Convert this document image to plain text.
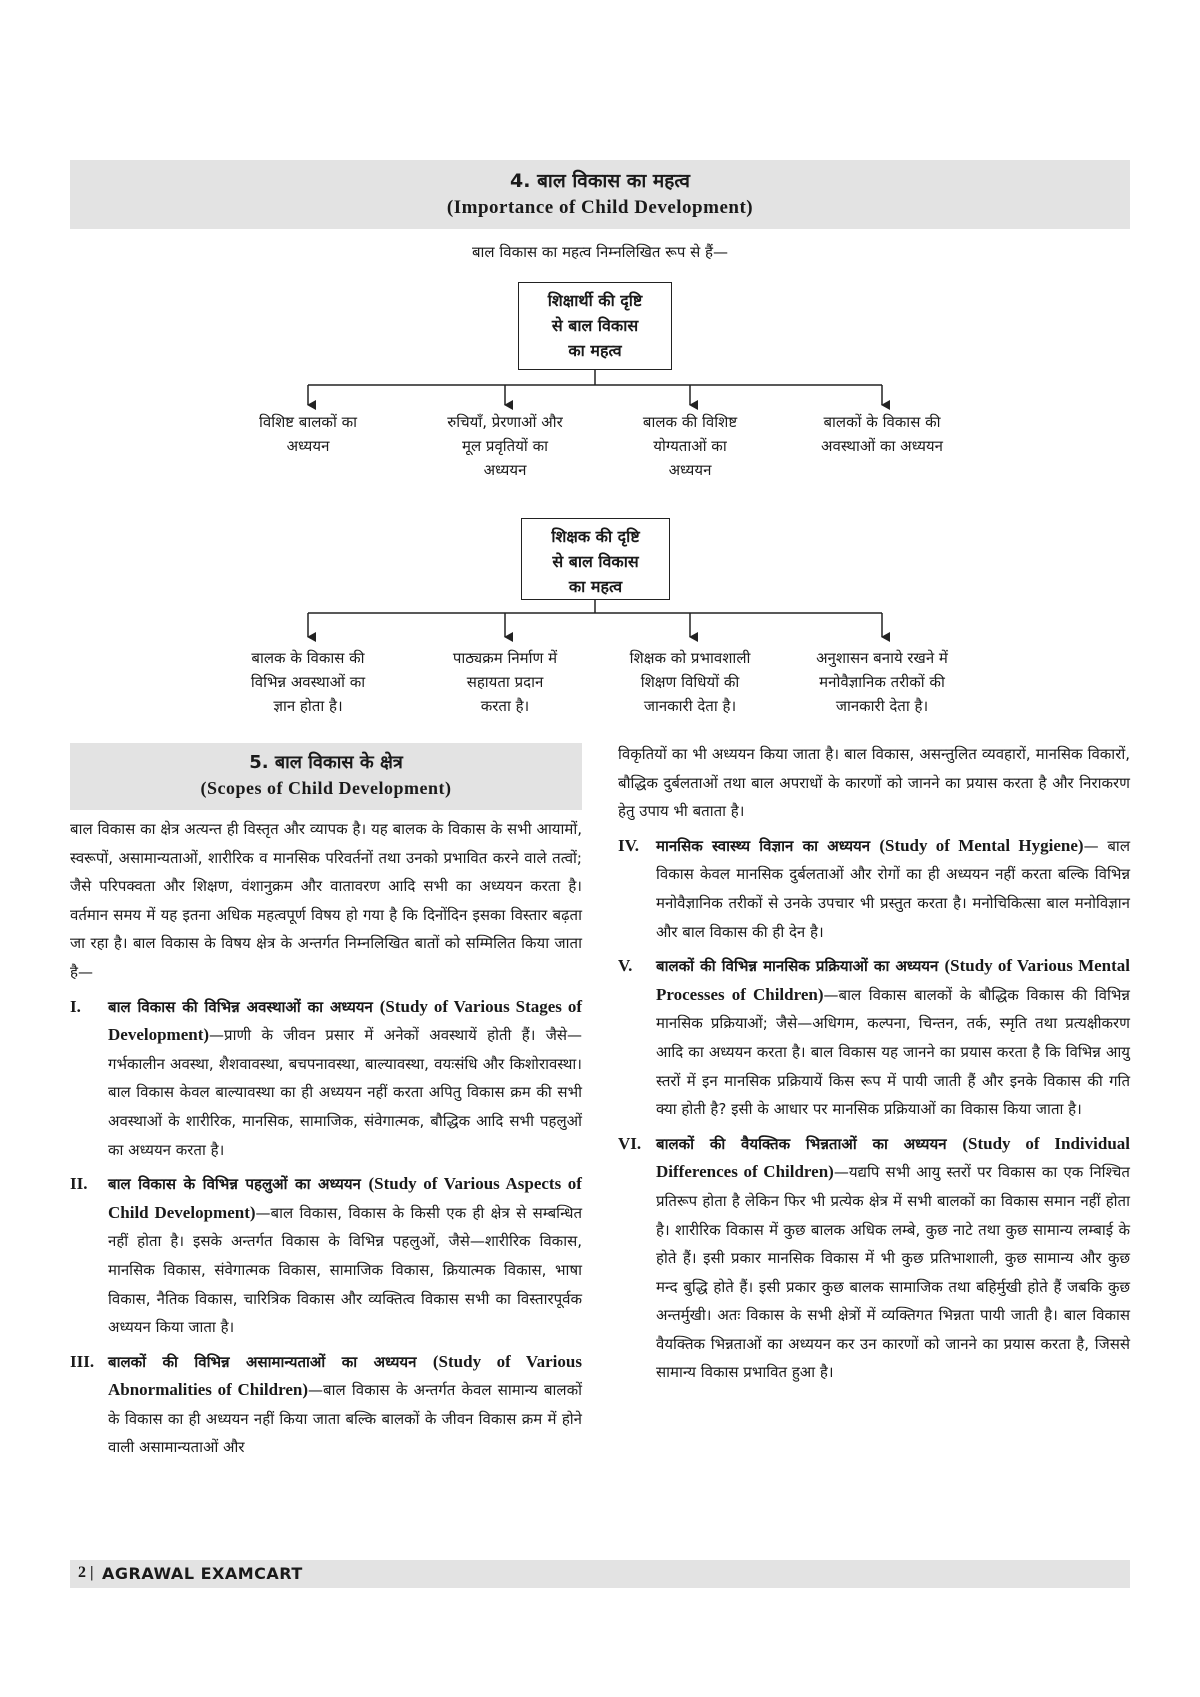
4. बाल विकास का महत्व
(Importance of Child Development)
बाल विकास का महत्व निम्नलिखित रूप से हैं—
शिक्षार्थी की दृष्टि
से बाल विकास
का महत्व
विशिष्ट बालकों का
अध्ययन
रुचियाँ, प्रेरणाओं और
मूल प्रवृतियों का
अध्ययन
बालक की विशिष्ट
योग्यताओं का
अध्ययन
बालकों के विकास की
अवस्थाओं का अध्ययन
शिक्षक की दृष्टि
से बाल विकास
का महत्व
बालक के विकास की
विभिन्न अवस्थाओं का
ज्ञान होता है।
पाठ्यक्रम निर्माण में
सहायता प्रदान
करता है।
शिक्षक को प्रभावशाली
शिक्षण विधियों की
जानकारी देता है।
अनुशासन बनाये रखने में
मनोवैज्ञानिक तरीकों की
जानकारी देता है।
5. बाल विकास के क्षेत्र
(Scopes of Child Development)

बाल विकास का क्षेत्र अत्यन्त ही विस्तृत और व्यापक है। यह बालक के विकास के सभी आयामों, स्वरूपों, असामान्यताओं, शारीरिक व मानसिक परिवर्तनों तथा उनको प्रभावित करने वाले तत्वों; जैसे परिपक्वता और शिक्षण, वंशानुक्रम और वातावरण आदि सभी का अध्ययन करता है। वर्तमान समय में यह इतना अधिक महत्वपूर्ण विषय हो गया है कि दिनोंदिन इसका विस्तार बढ़ता जा रहा है। बाल विकास के विषय क्षेत्र के अन्तर्गत निम्नलिखित बातों को सम्मिलित किया जाता है—

I. बाल विकास की विभिन्न अवस्थाओं का अध्ययन (Study of Various Stages of Development)—प्राणी के जीवन प्रसार में अनेकों अवस्थायें होती हैं। जैसे—गर्भकालीन अवस्था, शैशवावस्था, बचपनावस्था, बाल्यावस्था, वयःसंधि और किशोरावस्था। बाल विकास केवल बाल्यावस्था का ही अध्ययन नहीं करता अपितु विकास क्रम की सभी अवस्थाओं के शारीरिक, मानसिक, सामाजिक, संवेगात्मक, बौद्धिक आदि सभी पहलुओं का अध्ययन करता है।
II. बाल विकास के विभिन्न पहलुओं का अध्ययन (Study of Various Aspects of Child Development)—बाल विकास, विकास के किसी एक ही क्षेत्र से सम्बन्धित नहीं होता है। इसके अन्तर्गत विकास के विभिन्न पहलुओं, जैसे—शारीरिक विकास, मानसिक विकास, संवेगात्मक विकास, सामाजिक विकास, क्रियात्मक विकास, भाषा विकास, नैतिक विकास, चारित्रिक विकास और व्यक्तित्व विकास सभी का विस्तारपूर्वक अध्ययन किया जाता है।
III. बालकों की विभिन्न असामान्यताओं का अध्ययन (Study of Various Abnormalities of Children)—बाल विकास के अन्तर्गत केवल सामान्य बालकों के विकास का ही अध्ययन नहीं किया जाता बल्कि बालकों के जीवन विकास क्रम में होने वाली असामान्यताओं और

विकृतियों का भी अध्ययन किया जाता है। बाल विकास, असन्तुलित व्यवहारों, मानसिक विकारों, बौद्धिक दुर्बलताओं तथा बाल अपराधों के कारणों को जानने का प्रयास करता है और निराकरण हेतु उपाय भी बताता है।

IV. मानसिक स्वास्थ्य विज्ञान का अध्ययन (Study of Mental Hygiene)— बाल विकास केवल मानसिक दुर्बलताओं और रोगों का ही अध्ययन नहीं करता बल्कि विभिन्न मनोवैज्ञानिक तरीकों से उनके उपचार भी प्रस्तुत करता है। मनोचिकित्सा बाल मनोविज्ञान और बाल विकास की ही देन है।
V. बालकों की विभिन्न मानसिक प्रक्रियाओं का अध्ययन (Study of Various Mental Processes of Children)—बाल विकास बालकों के बौद्धिक विकास की विभिन्न मानसिक प्रक्रियाओं; जैसे—अधिगम, कल्पना, चिन्तन, तर्क, स्मृति तथा प्रत्यक्षीकरण आदि का अध्ययन करता है। बाल विकास यह जानने का प्रयास करता है कि विभिन्न आयु स्तरों में इन मानसिक प्रक्रियायें किस रूप में पायी जाती हैं और इनके विकास की गति क्या होती है? इसी के आधार पर मानसिक प्रक्रियाओं का विकास किया जाता है।
VI. बालकों की वैयक्तिक भिन्नताओं का अध्ययन (Study of Individual Differences of Children)—यद्यपि सभी आयु स्तरों पर विकास का एक निश्चित प्रतिरूप होता है लेकिन फिर भी प्रत्येक क्षेत्र में सभी बालकों का विकास समान नहीं होता है। शारीरिक विकास में कुछ बालक अधिक लम्बे, कुछ नाटे तथा कुछ सामान्य लम्बाई के होते हैं। इसी प्रकार मानसिक विकास में भी कुछ प्रतिभाशाली, कुछ सामान्य और कुछ मन्द बुद्धि होते हैं। इसी प्रकार कुछ बालक सामाजिक तथा बहिर्मुखी होते हैं जबकि कुछ अन्तर्मुखी। अतः विकास के सभी क्षेत्रों में व्यक्तिगत भिन्नता पायी जाती है। बाल विकास वैयक्तिक भिन्नताओं का अध्ययन कर उन कारणों को जानने का प्रयास करता है, जिससे सामान्य विकास प्रभावित हुआ है।
2 | AGRAWAL EXAMCART
